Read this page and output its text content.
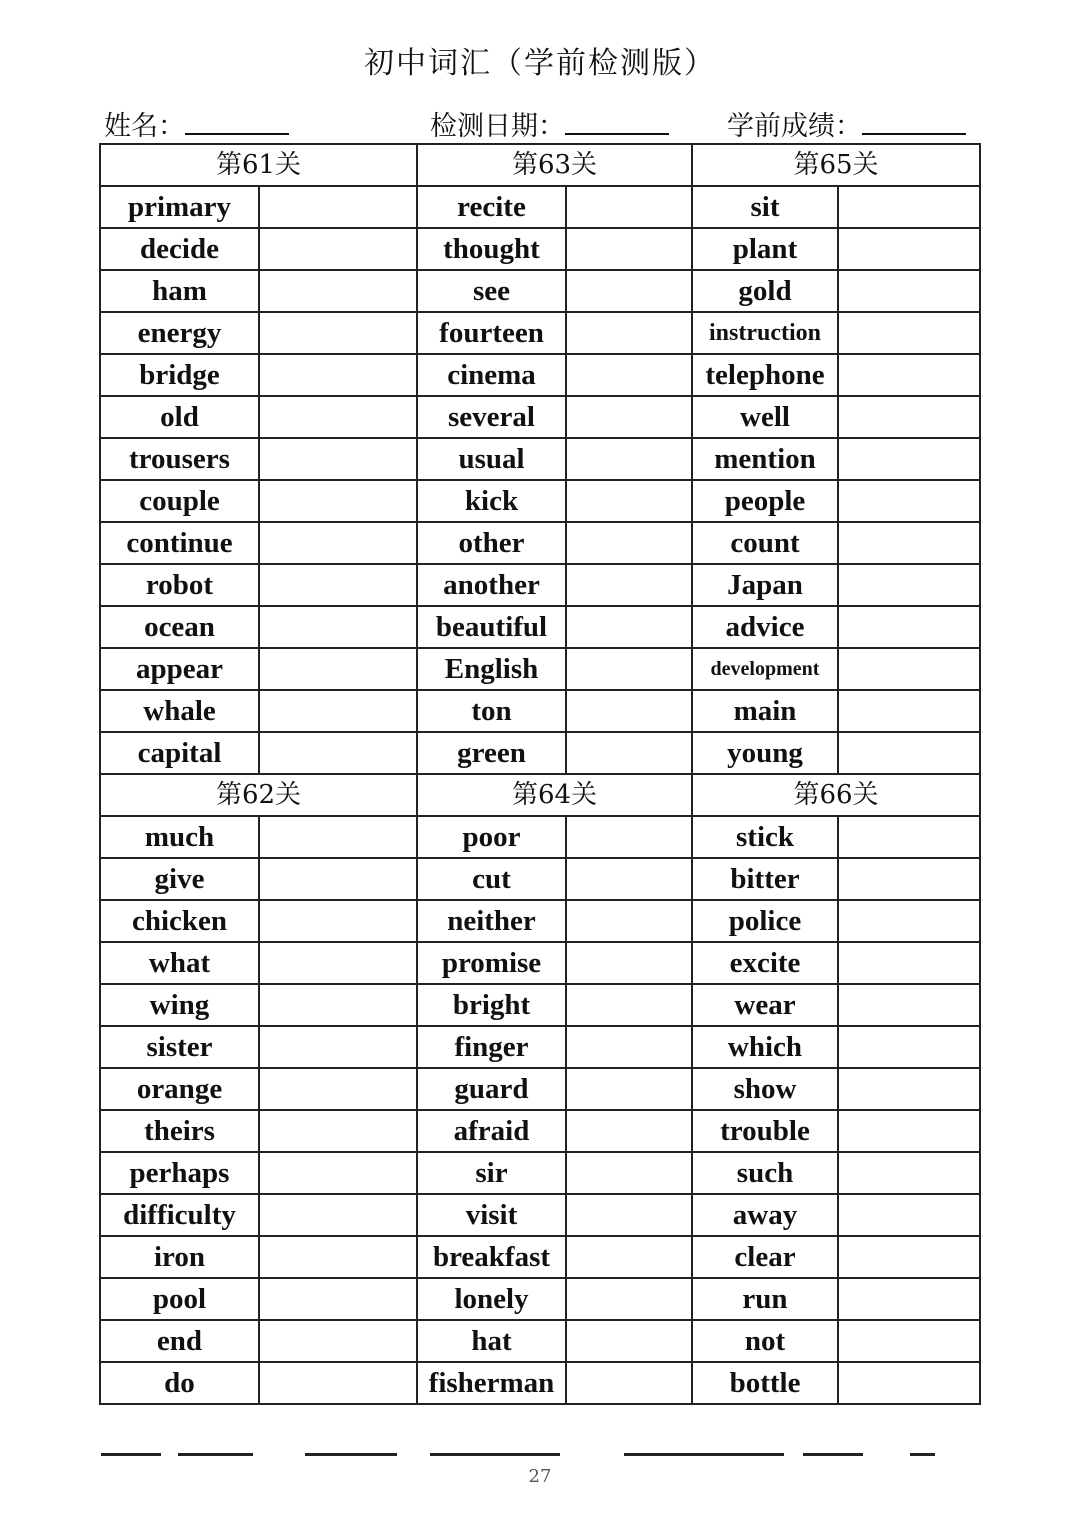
初中词汇（学前检测版）
姓名：	检测日期：	学前成绩：
第61关		第63关		第65关	
primary		recite		sit	
decide		thought		plant	
ham		see		gold	
energy		fourteen		instruction	
bridge		cinema		telephone	
old		several		well	
trousers		usual		mention	
couple		kick		people	
continue		other		count	
robot		another		Japan	
ocean		beautiful		advice	
appear		English		development	
whale		ton		main	
capital		green		young	
第62关		第64关		第66关	
much		poor		stick	
give		cut		bitter	
chicken		neither		police	
what		promise		excite	
wing		bright		wear	
sister		finger		which	
orange		guard		show	
theirs		afraid		trouble	
perhaps		sir		such	
difficulty		visit		away	
iron		breakfast		clear	
pool		lonely		run	
end		hat		not	
do		fisherman		bottle	
27
